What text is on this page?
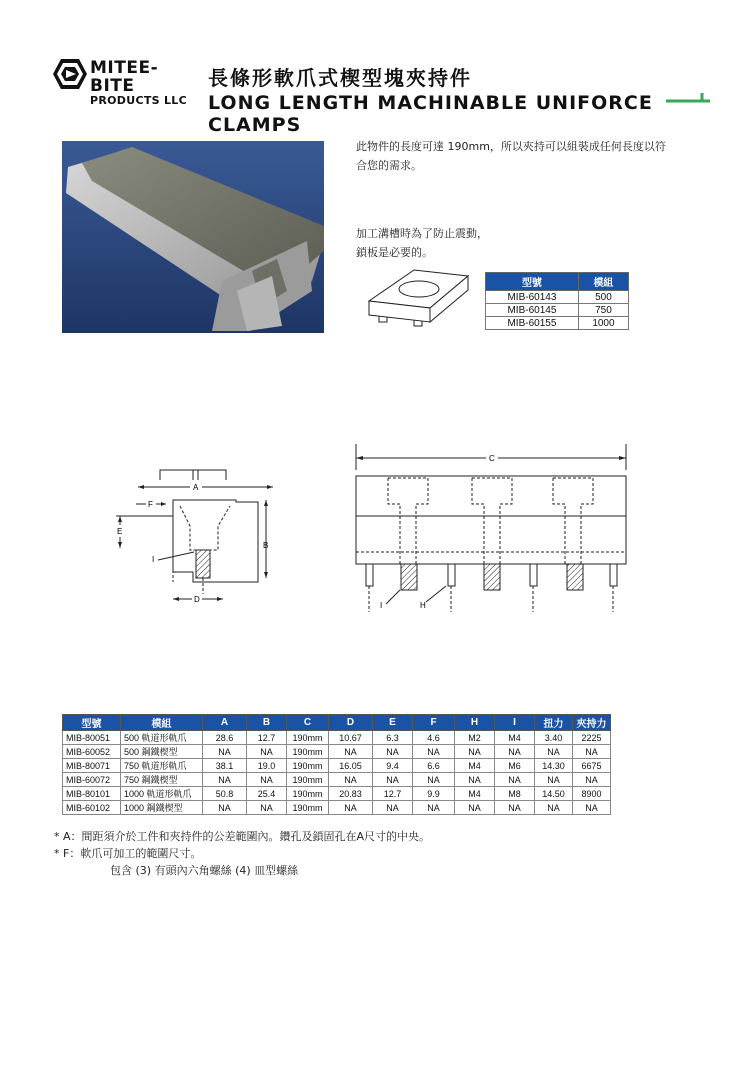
MITEE-BITE
PRODUCTS LLC
長條形軟爪式楔型塊夾持件
LONG LENGTH MACHINABLE UNIFORCE CLAMPS
此物件的長度可達 190mm，所以夾持可以組裝成任何長度以符
合您的需求。
加工溝槽時為了防止震動，
鎖板是必要的。
型號	模組
MIB-60143	500
MIB-60145	750
MIB-60155	1000
A
F
E
B
I
D
C
I	H
型號	模組	A	B	C	D	E	F	H	I	扭力	夾持力
MIB-80051	500 軌道形軌爪	28.6	12.7	190mm	10.67	6.3	4.6	M2	M4	3.40	2225
MIB-60052	500 鋼鐵楔型	NA	NA	190mm	NA	NA	NA	NA	NA	NA	NA
MIB-80071	750 軌道形軌爪	38.1	19.0	190mm	16.05	9.4	6.6	M4	M6	14.30	6675
MIB-60072	750 鋼鐵楔型	NA	NA	190mm	NA	NA	NA	NA	NA	NA	NA
MIB-80101	1000 軌道形軌爪	50.8	25.4	190mm	20.83	12.7	9.9	M4	M8	14.50	8900
MIB-60102	1000 鋼鐵楔型	NA	NA	190mm	NA	NA	NA	NA	NA	NA	NA
* A：間距須介於工件和夾持件的公差範圍內。鑽孔及鎖固孔在A尺寸的中央。
* F：軟爪可加工的範圍尺寸。
包含 (3) 有頭內六角螺絲 (4) 皿型螺絲
